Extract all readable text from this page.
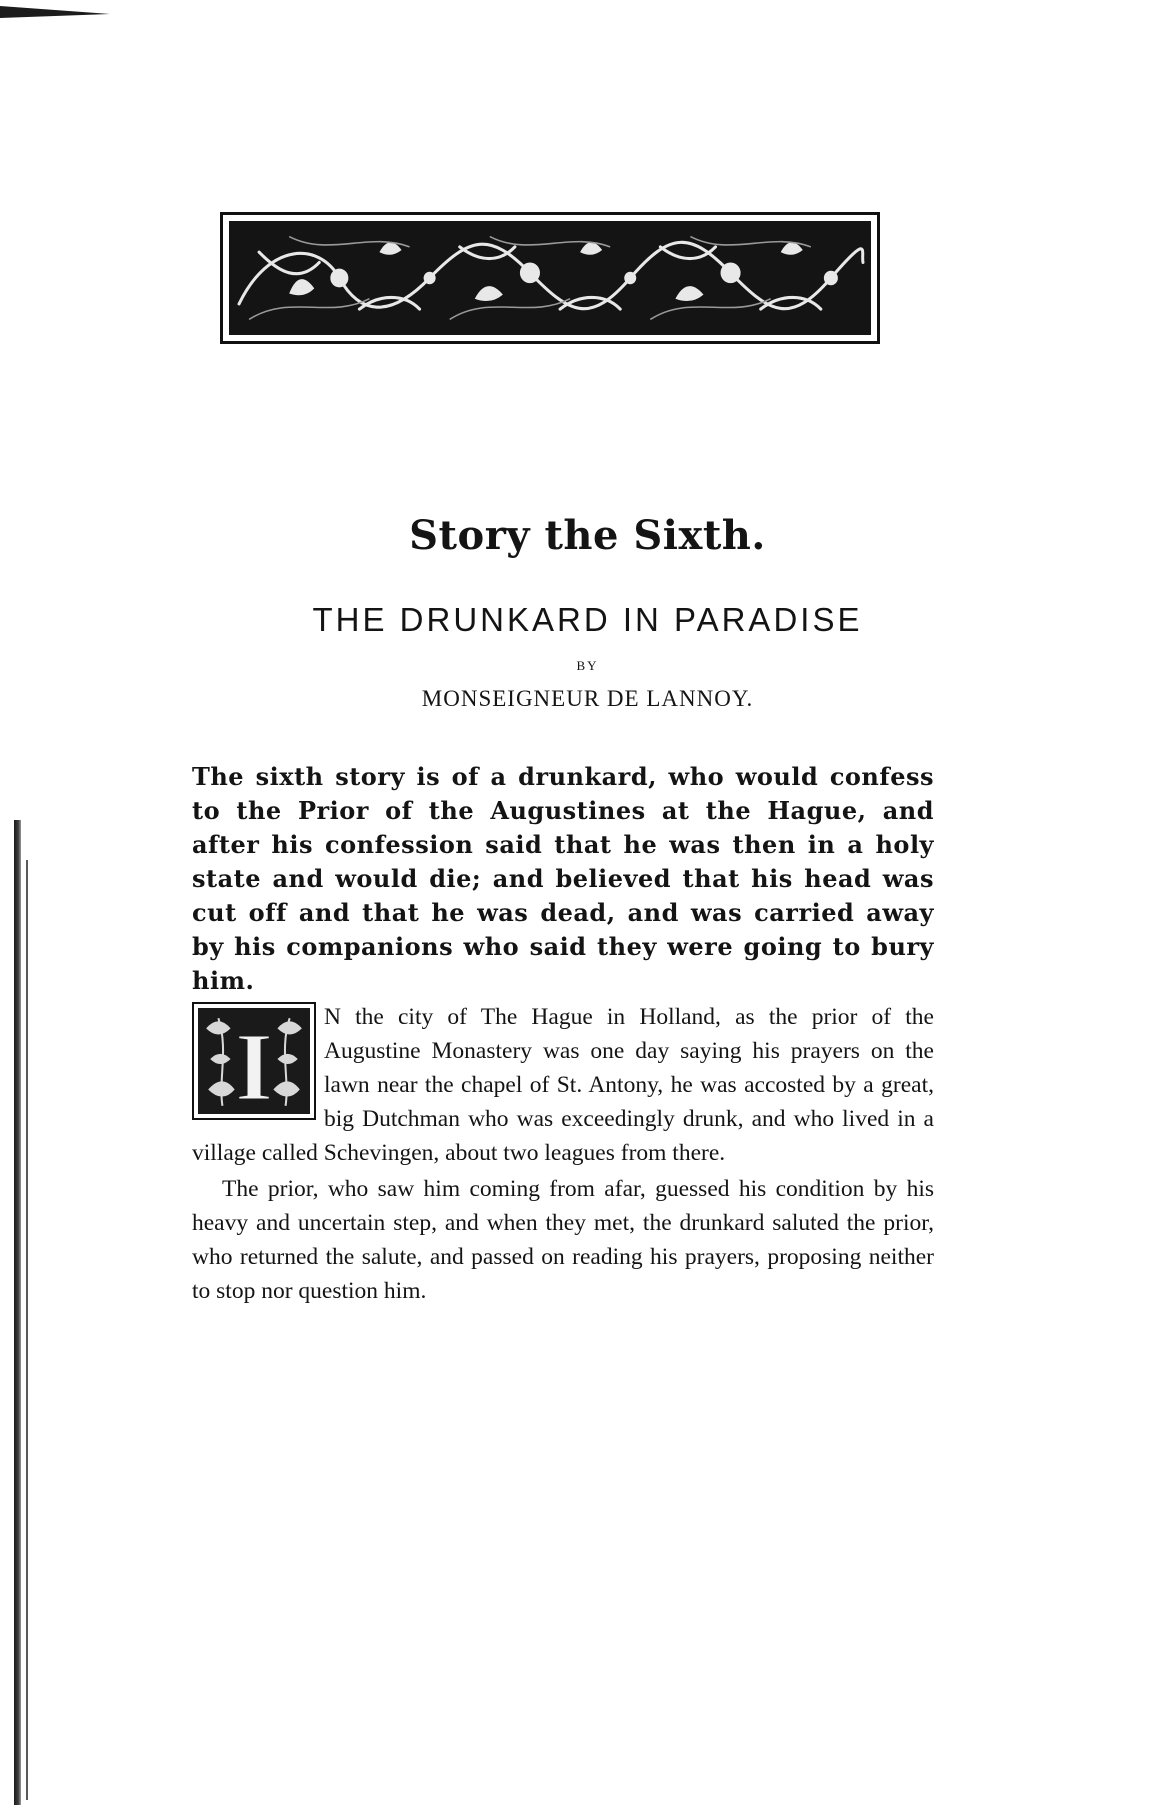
Story the Sixth.
THE DRUNKARD IN PARADISE
BY
MONSEIGNEUR DE LANNOY.
The sixth story is of a drunkard, who would confess to the Prior of the Augustines at the Hague, and after his confession said that he was then in a holy state and would die; and believed that his head was cut off and that he was dead, and was carried away by his companions who said they were going to bury him.

I N the city of The Hague in Holland, as the prior of the Augustine Monastery was one day saying his prayers on the lawn near the chapel of St. Antony, he was accosted by a great, big Dutchman who was exceedingly drunk, and who lived in a village called Schevingen, about two leagues from there.

The prior, who saw him coming from afar, guessed his condition by his heavy and uncertain step, and when they met, the drunkard saluted the prior, who returned the salute, and passed on reading his prayers, proposing neither to stop nor question him.
